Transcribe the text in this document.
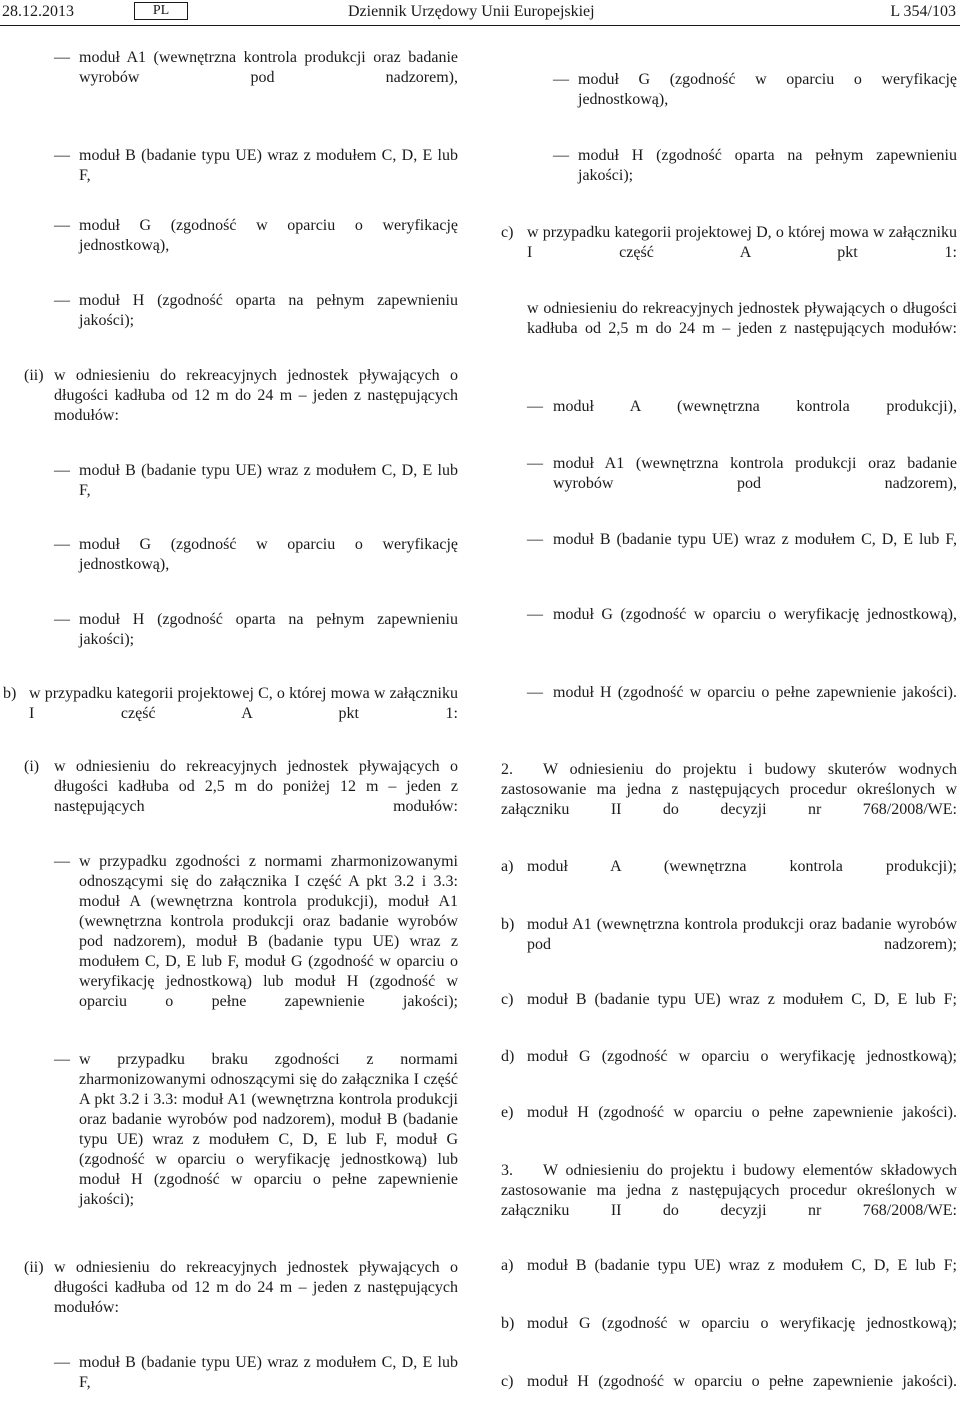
28.12.2013	PL	Dziennik Urzędowy Unii Europejskiej	L 354/103
— moduł A1 (wewnętrzna kontrola produkcji oraz badanie wyrobów pod nadzorem),
— moduł B (badanie typu UE) wraz z modułem C, D, E lub F,
— moduł G (zgodność w oparciu o weryfikację jednostkową),
— moduł H (zgodność oparta na pełnym zapewnieniu jakości);
(ii) w odniesieniu do rekreacyjnych jednostek pływających o długości kadłuba od 12 m do 24 m – jeden z następujących modułów:
— moduł B (badanie typu UE) wraz z modułem C, D, E lub F,
— moduł G (zgodność w oparciu o weryfikację jednostkową),
— moduł H (zgodność oparta na pełnym zapewnieniu jakości);
b) w przypadku kategorii projektowej C, o której mowa w załączniku I część A pkt 1:
(i) w odniesieniu do rekreacyjnych jednostek pływających o długości kadłuba od 2,5 m do poniżej 12 m – jeden z następujących modułów:
— w przypadku zgodności z normami zharmonizowanymi odnoszącymi się do załącznika I część A pkt 3.2 i 3.3: moduł A (wewnętrzna kontrola produkcji), moduł A1 (wewnętrzna kontrola produkcji oraz badanie wyrobów pod nadzorem), moduł B (badanie typu UE) wraz z modułem C, D, E lub F, moduł G (zgodność w oparciu o weryfikację jednostkową) lub moduł H (zgodność w oparciu o pełne zapewnienie jakości);
— w przypadku braku zgodności z normami zharmonizowanymi odnoszącymi się do załącznika I część A pkt 3.2 i 3.3: moduł A1 (wewnętrzna kontrola produkcji oraz badanie wyrobów pod nadzorem), moduł B (badanie typu UE) wraz z modułem C, D, E lub F, moduł G (zgodność w oparciu o weryfikację jednostkową) lub moduł H (zgodność w oparciu o pełne zapewnienie jakości);
(ii) w odniesieniu do rekreacyjnych jednostek pływających o długości kadłuba od 12 m do 24 m – jeden z następujących modułów:
— moduł B (badanie typu UE) wraz z modułem C, D, E lub F,
— moduł G (zgodność w oparciu o weryfikację jednostkową),
— moduł H (zgodność oparta na pełnym zapewnieniu jakości);
c) w przypadku kategorii projektowej D, o której mowa w załączniku I część A pkt 1:
w odniesieniu do rekreacyjnych jednostek pływających o długości kadłuba od 2,5 m do 24 m – jeden z następujących modułów:
— moduł A (wewnętrzna kontrola produkcji),
— moduł A1 (wewnętrzna kontrola produkcji oraz badanie wyrobów pod nadzorem),
— moduł B (badanie typu UE) wraz z modułem C, D, E lub F,
— moduł G (zgodność w oparciu o weryfikację jednostkową),
— moduł H (zgodność w oparciu o pełne zapewnienie jakości).
2. W odniesieniu do projektu i budowy skuterów wodnych zastosowanie ma jedna z następujących procedur określonych w załączniku II do decyzji nr 768/2008/WE:
a) moduł A (wewnętrzna kontrola produkcji);
b) moduł A1 (wewnętrzna kontrola produkcji oraz badanie wyrobów pod nadzorem);
c) moduł B (badanie typu UE) wraz z modułem C, D, E lub F;
d) moduł G (zgodność w oparciu o weryfikację jednostkową);
e) moduł H (zgodność w oparciu o pełne zapewnienie jakości).
3. W odniesieniu do projektu i budowy elementów składowych zastosowanie ma jedna z następujących procedur określonych w załączniku II do decyzji nr 768/2008/WE:
a) moduł B (badanie typu UE) wraz z modułem C, D, E lub F;
b) moduł G (zgodność w oparciu o weryfikację jednostkową);
c) moduł H (zgodność w oparciu o pełne zapewnienie jakości).
